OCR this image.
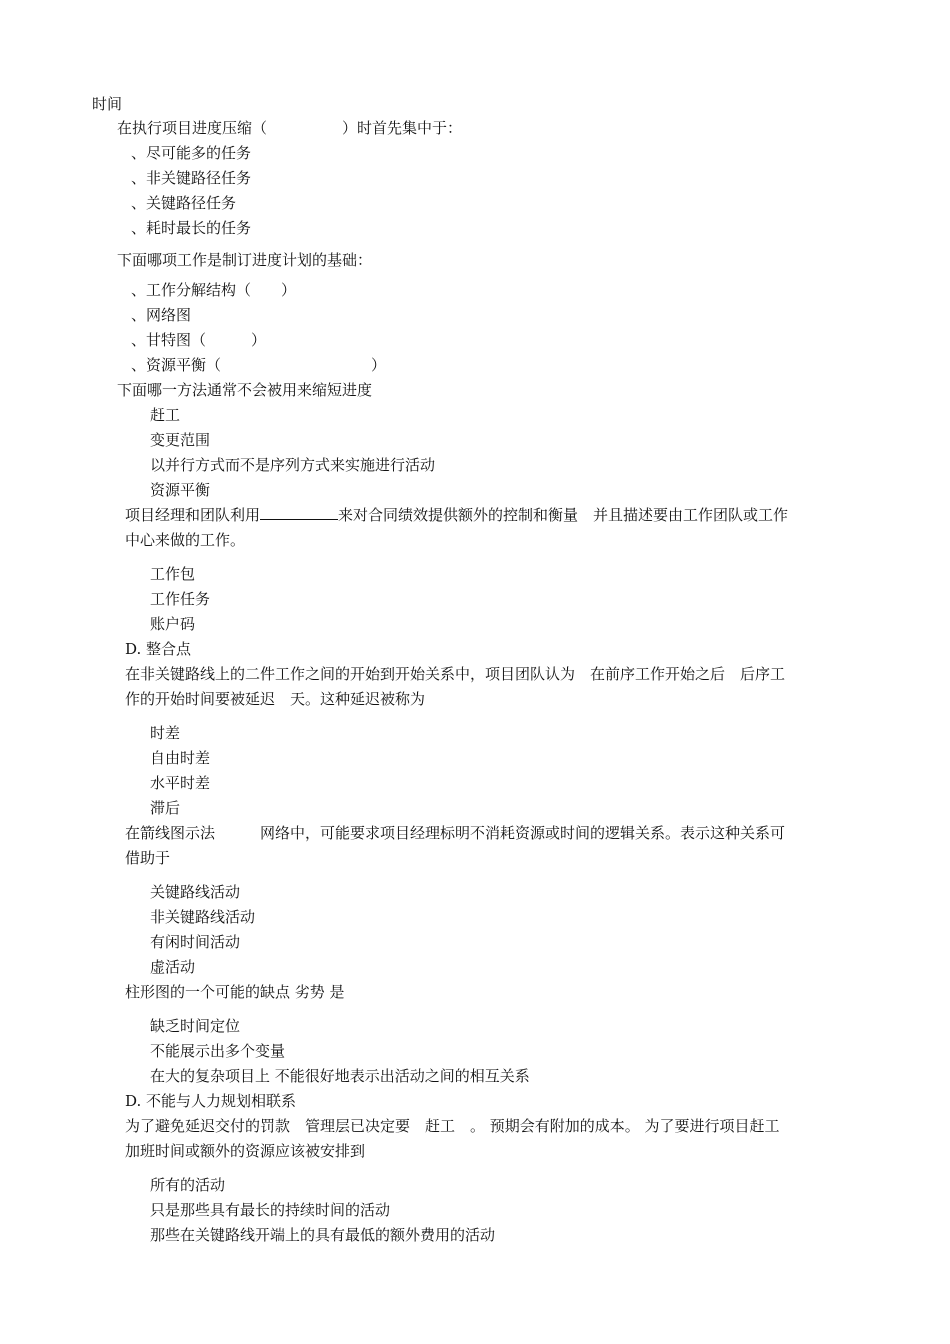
时间
在执行项目进度压缩（　　　　　）时首先集中于：
、尽可能多的任务
、非关键路径任务
、关键路径任务
、耗时最长的任务
下面哪项工作是制订进度计划的基础：
、工作分解结构（　　）
、网络图
、甘特图（　　　）
、资源平衡（　　　　　　　　　　）
下面哪一方法通常不会被用来缩短进度
赶工
变更范围
以并行方式而不是序列方式来实施进行活动
资源平衡
项目经理和团队利用	来对合同绩效提供额外的控制和衡量　并且描述要由工作团队或工作
中心来做的工作。
工作包
工作任务
账户码
D. 整合点
在非关键路线上的二件工作之间的开始到开始关系中，项目团队认为　在前序工作开始之后　后序工
作的开始时间要被延迟　天。这种延迟被称为
时差
自由时差
水平时差
滞后
在箭线图示法　　　网络中，可能要求项目经理标明不消耗资源或时间的逻辑关系。表示这种关系可
借助于
关键路线活动
非关键路线活动
有闲时间活动
虚活动
柱形图的一个可能的缺点 劣势 是
缺乏时间定位
不能展示出多个变量
在大的复杂项目上 不能很好地表示出活动之间的相互关系
D. 不能与人力规划相联系
为了避免延迟交付的罚款　管理层已决定要　赶工　。 预期会有附加的成本。 为了要进行项目赶工
加班时间或额外的资源应该被安排到
所有的活动
只是那些具有最长的持续时间的活动
那些在关键路线开端上的具有最低的额外费用的活动
